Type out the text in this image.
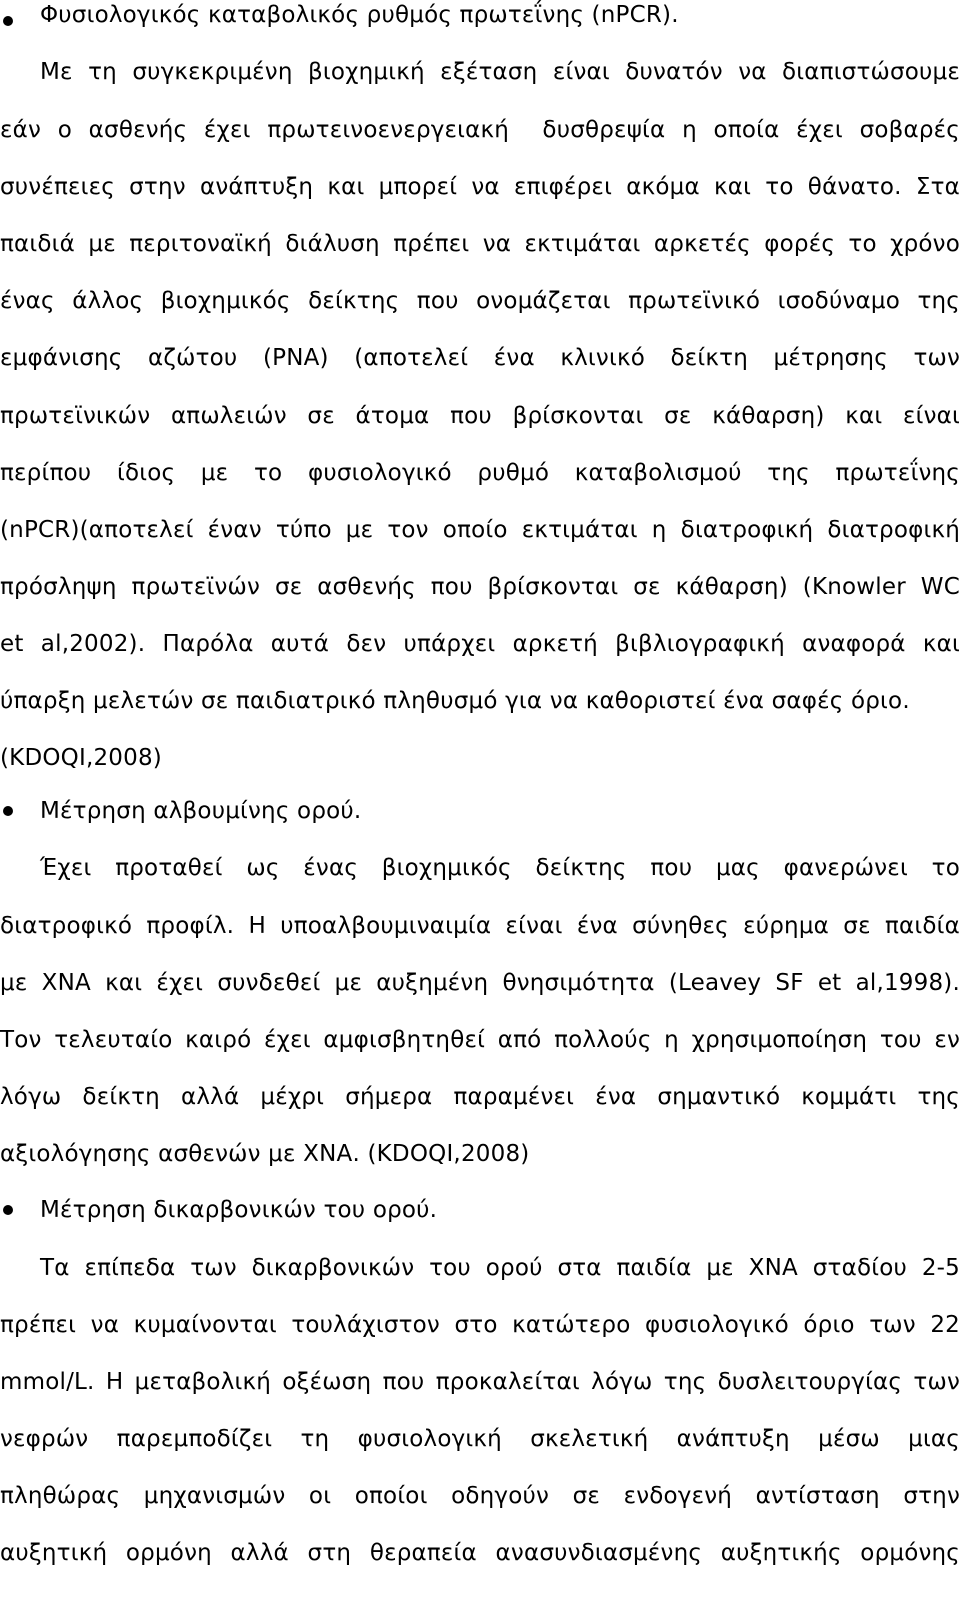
Φυσιολογικός καταβολικός ρυθμός πρωτεΐνης (nPCR).

Με τη συγκεκριμένη βιοχημική εξέταση είναι δυνατόν να διαπιστώσουμε

εάν ο ασθενής έχει πρωτεινοενεργειακή  δυσθρεψία η οποία έχει σοβαρές

συνέπειες στην ανάπτυξη και μπορεί να επιφέρει ακόμα και το θάνατο. Στα

παιδιά με περιτοναϊκή διάλυση πρέπει να εκτιμάται αρκετές φορές το χρόνο

ένας άλλος βιοχημικός δείκτης που ονομάζεται πρωτεϊνικό ισοδύναμο της

εμφάνισης αζώτου (PNA) (αποτελεί ένα κλινικό δείκτη μέτρησης των

πρωτεϊνικών απωλειών σε άτομα που βρίσκονται σε κάθαρση) και είναι

περίπου ίδιος με το φυσιολογικό ρυθμό καταβολισμού της πρωτεΐνης

(nPCR)(αποτελεί έναν τύπο με τον οποίο εκτιμάται η διατροφική διατροφική

πρόσληψη πρωτεϊνών σε ασθενής που βρίσκονται σε κάθαρση) (Knowler WC

et al,2002). Παρόλα αυτά δεν υπάρχει αρκετή βιβλιογραφική αναφορά και

ύπαρξη μελετών σε παιδιατρικό πληθυσμό για να καθοριστεί ένα σαφές όριο.

(KDOQI,2008)

Μέτρηση αλβουμίνης ορού.

Έχει προταθεί ως ένας βιοχημικός δείκτης που μας φανερώνει το

διατροφικό προφίλ. Η υποαλβουμιναιμία είναι ένα σύνηθες εύρημα σε παιδία

με ΧΝΑ και έχει συνδεθεί με αυξημένη θνησιμότητα (Leavey SF et al,1998).

Τον τελευταίο καιρό έχει αμφισβητηθεί από πολλούς η χρησιμοποίηση του εν

λόγω δείκτη αλλά μέχρι σήμερα παραμένει ένα σημαντικό κομμάτι της

αξιολόγησης ασθενών με ΧΝΑ. (KDOQI,2008)

Μέτρηση δικαρβονικών του ορού.

Τα επίπεδα των δικαρβονικών του ορού στα παιδία με ΧΝΑ σταδίου 2-5

πρέπει να κυμαίνονται τουλάχιστον στο κατώτερο φυσιολογικό όριο των 22

mmol/L. Η μεταβολική οξέωση που προκαλείται λόγω της δυσλειτουργίας των

νεφρών παρεμποδίζει τη φυσιολογική σκελετική ανάπτυξη μέσω μιας

πληθώρας μηχανισμών οι οποίοι οδηγούν σε ενδογενή αντίσταση στην

αυξητική ορμόνη αλλά στη θεραπεία ανασυνδιασμένης αυξητικής ορμόνης
